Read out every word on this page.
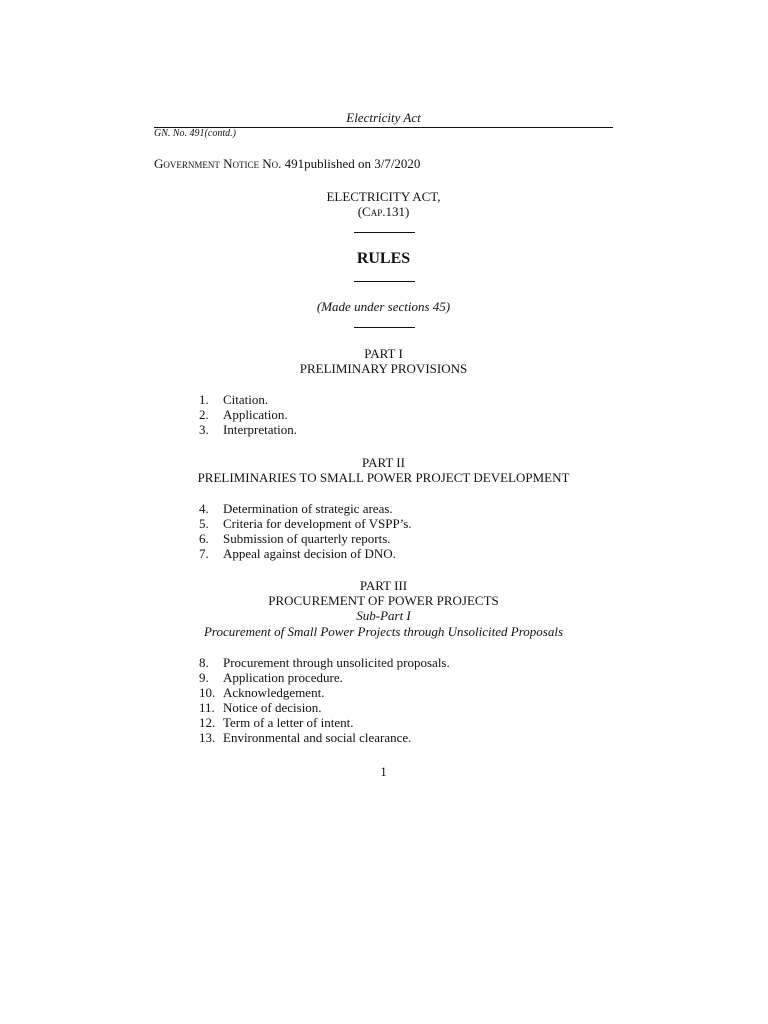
Electricity Act
GN. No. 491(contd.)
Government Notice No. 491published on 3/7/2020
ELECTRICITY ACT,
(Cap.131)
RULES
(Made under sections 45)
PART I
PRELIMINARY PROVISIONS
1. Citation.
2. Application.
3. Interpretation.
PART II
PRELIMINARIES TO SMALL POWER PROJECT DEVELOPMENT
4. Determination of strategic areas.
5. Criteria for development of VSPP’s.
6. Submission of quarterly reports.
7. Appeal against decision of DNO.
PART III
PROCUREMENT OF POWER PROJECTS
Sub-Part I
Procurement of Small Power Projects through Unsolicited Proposals
8. Procurement through unsolicited proposals.
9. Application procedure.
10. Acknowledgement.
11. Notice of decision.
12. Term of a letter of intent.
13. Environmental and social clearance.
1
